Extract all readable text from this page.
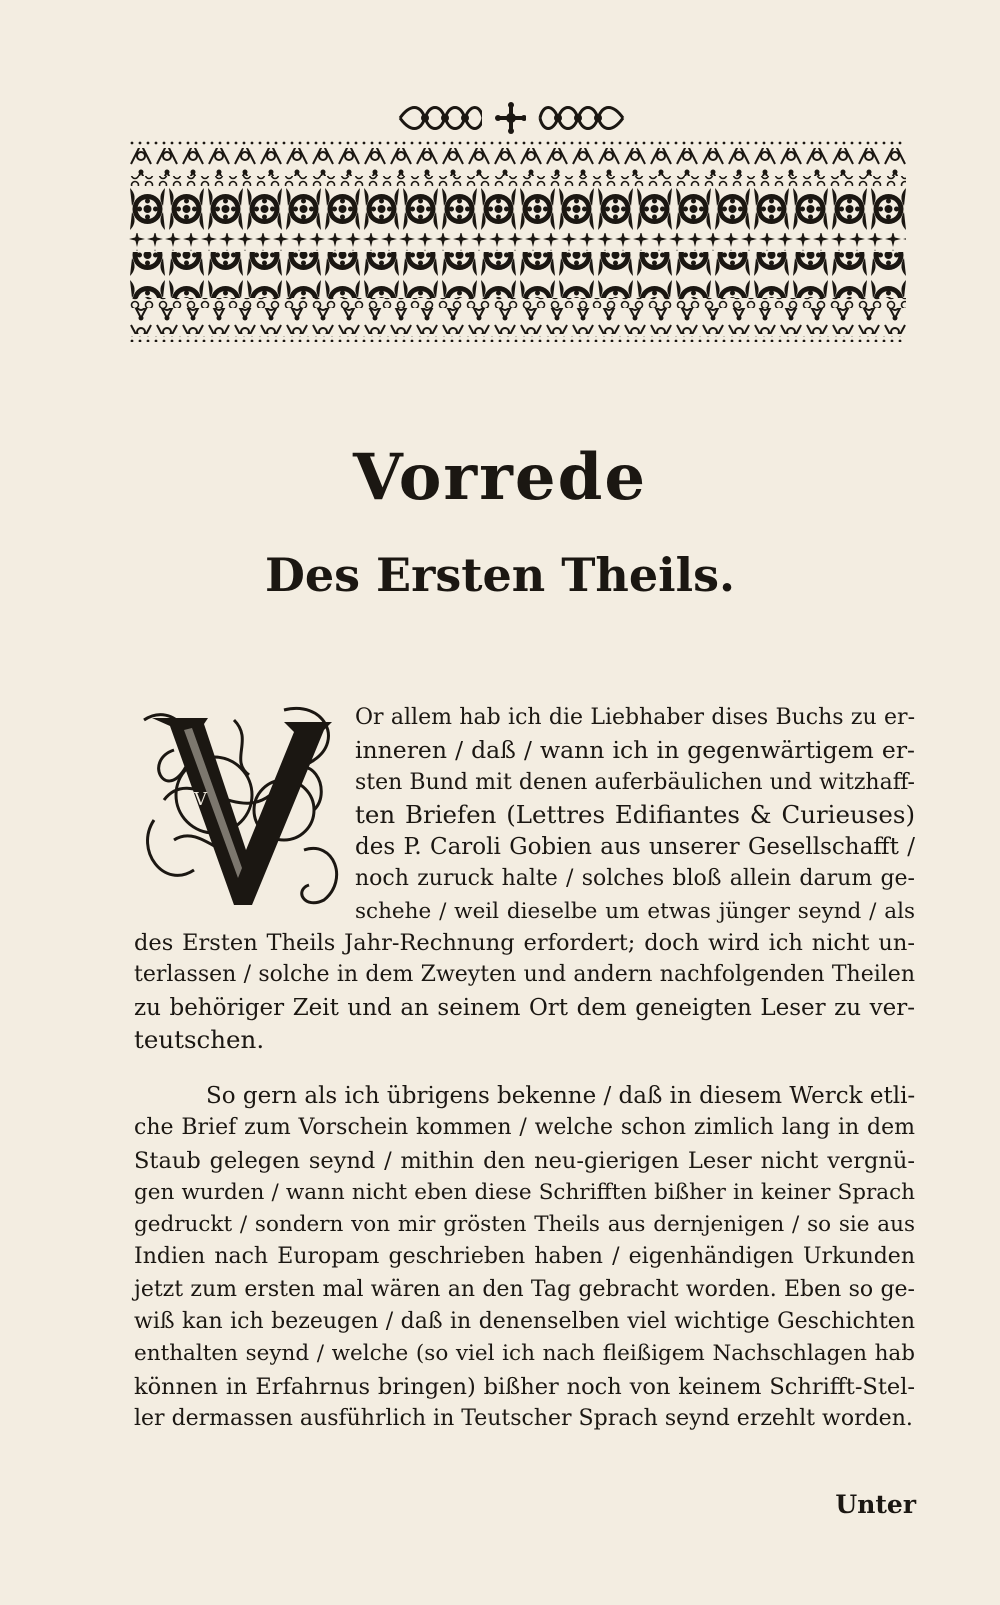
Vorrede
Des Ersten Theils.
V
Or allem hab ich die Liebhaber dises Buchs zu er-
inneren / daß / wann ich in gegenwärtigem er-
sten Bund mit denen auferbäulichen und witzhaff-
ten Briefen (Lettres Edifiantes & Curieuses)
des P. Caroli Gobien aus unserer Gesellschafft /
noch zuruck halte / solches bloß allein darum ge-
schehe / weil dieselbe um etwas jünger seynd / als
des Ersten Theils Jahr-Rechnung erfordert; doch wird ich nicht un-
terlassen / solche in dem Zweyten und andern nachfolgenden Theilen
zu behöriger Zeit und an seinem Ort dem geneigten Leser zu ver-
teutschen.
So gern als ich übrigens bekenne / daß in diesem Werck etli-
che Brief zum Vorschein kommen / welche schon zimlich lang in dem
Staub gelegen seynd / mithin den neu-gierigen Leser nicht vergnü-
gen wurden / wann nicht eben diese Schrifften bißher in keiner Sprach
gedruckt / sondern von mir grösten Theils aus dernjenigen / so sie aus
Indien nach Europam geschrieben haben / eigenhändigen Urkunden
jetzt zum ersten mal wären an den Tag gebracht worden. Eben so ge-
wiß kan ich bezeugen / daß in denenselben viel wichtige Geschichten
enthalten seynd / welche (so viel ich nach fleißigem Nachschlagen hab
können in Erfahrnus bringen) bißher noch von keinem Schrifft-Stel-
ler dermassen ausführlich in Teutscher Sprach seynd erzehlt worden.
Unter
